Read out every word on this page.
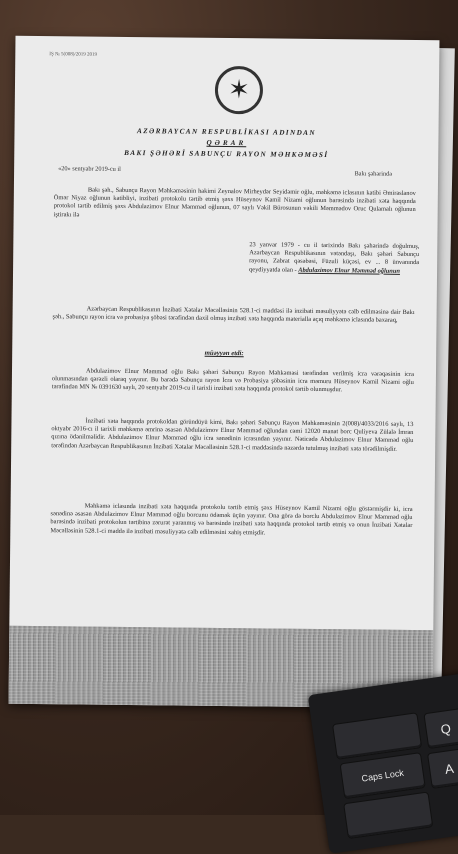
IŞ № 5(008)/2019 2019
✶
AZƏRBAYCAN RESPUBLİKASI ADINDAN
QƏRAR
BAKI ŞƏHƏRİ SABUNÇU RAYON MƏHKƏMƏSİ
«20» sentyabr 2019-cu il
Bakı şəhərində
Bakı şəh., Sabunçu Rayon Məhkəməsinin hakimi Zeynalov Mirheydər Seyidəmir oğlu, məhkəmə iclasının katibi Əmiraslanov Ömər Niyaz oğlunun katibliyi, inzibati protokolu tərtib etmiş şəxs Hüseynov Kamil Nizami oğlunun barəsində inzibati xəta haqqında protokol tərtib edilmiş şəxs Abdulazimov Elnur Məmməd oğlunun, 07 saylı Vəkil Bürosunun vəkili Məmmədov Oruc Qulamalı oğlunun iştirakı ilə
23 yanvar 1979 - cu il tarixində Bakı şəhərində doğulmuş, Azərbaycan Respublikasının vətəndaşı, Bakı şəhəri Sabunçu rayonu, Zabrat qəsəbəsi, Füzuli küçəsi, ev ... 8 ünvanında qeydiyyatda olan - Abdulazimov Elnur Məmməd oğlunun
Azərbaycan Respublikasının İnzibati Xətalar Məcəlləsinin 528.1-ci maddəsi ilə inzibati məsuliyyətə cəlb edilməsinə dair Bakı şəh., Sabunçu rayon icra və probasiya şöbəsi tərəfindən daxil olmuş inzibati xəta haqqında materialla açıq məhkəmə iclasında baxaraq,
müəyyən etdi:
Abdulazimov Elnur Məmməd oğlu Bakı şəhəri Sabunçu Rayon Məhkəməsi tərəfindən verilmiş icra vərəqəsinin icra olunmasından qərəzli olaraq yayınır. Bu barədə Sabunçu rayon İcra və Probasiya şöbəsinin icra məmuru Hüseynov Kamil Nizami oğlu tərəfindən MN № 0391630 saylı, 20 sentyabr 2019-cu il tarixli inzibati xəta haqqında protokol tərtib olunmuşdur.
İnzibati xəta haqqında protokoldan göründüyü kimi, Bakı şəhəri Sabunçu Rayon Məhkəməsinin 2(008)/4033/2016 saylı, 13 oktyabr 2016-cı il tarixli məhkəmə əmrinə əsasən Abdulazimov Elnur Məmməd oğlundan cəmi 12020 manat borc Quliyeva Zülalə İmran qızına ödənilməlidir. Abdulazimov Elnur Məmməd oğlu icra sənədinin icrasından yayınır. Nəticədə Abdulazimov Elnur Məmməd oğlu tərəfindən Azərbaycan Respublikasının İnzibati Xətalar Məcəlləsinin 528.1-ci maddəsində nəzərdə tutulmuş inzibati xəta törədilmişdir.
Məhkəmə iclasında inzibati xəta haqqında protokolu tərtib etmiş şəxs Hüseynov Kamil Nizami oğlu göstərmişdir ki, icra sənədinə əsasən Abdulazimov Elnur Məmməd oğlu borcunu ödəmək üçün yayınır. Ona görə də borclu Abdulazimov Elnur Məmməd oğlu barəsində inzibati protokolun tərtibinə zərurət yaranmış və barəsində inzibati xəta haqqında protokol tərtib etmiş və onun İnzibati Xətalar Məcəlləsinin 528.1-ci maddə ilə inzibati məsuliyyətə cəlb edilməsini xahiş etmişdir.
Q
Caps Lock	A
